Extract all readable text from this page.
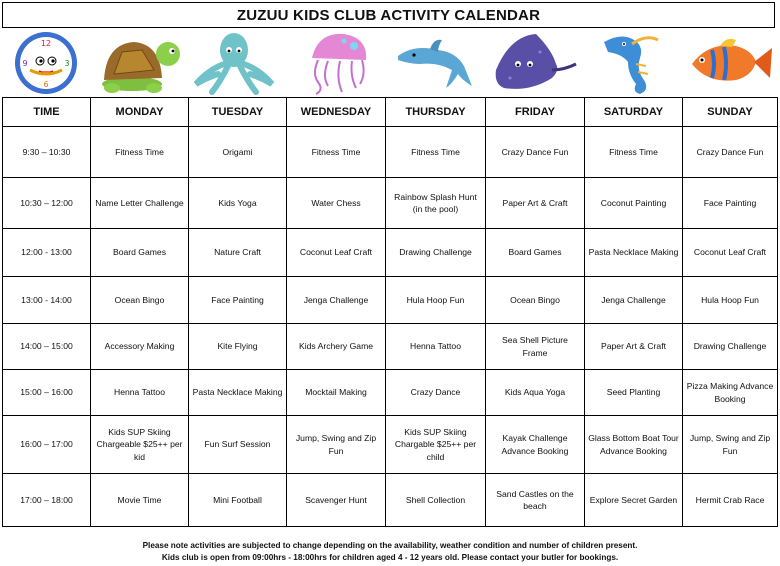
ZUZUU KIDS CLUB ACTIVITY CALENDAR
12
3
6
9
TIME	MONDAY	TUESDAY	WEDNESDAY	THURSDAY	FRIDAY	SATURDAY	SUNDAY
9:30 – 10:30	Fitness Time	Origami	Fitness Time	Fitness Time	Crazy Dance Fun	Fitness Time	Crazy Dance Fun
10:30 – 12:00	Name Letter Challenge	Kids Yoga	Water Chess	Rainbow Splash Hunt (in the pool)	Paper Art & Craft	Coconut Painting	Face Painting
12:00 - 13:00	Board Games	Nature Craft	Coconut Leaf Craft	Drawing Challenge	Board Games	Pasta Necklace Making	Coconut Leaf Craft
13:00 - 14:00	Ocean Bingo	Face Painting	Jenga Challenge	Hula Hoop Fun	Ocean Bingo	Jenga Challenge	Hula Hoop Fun
14:00 – 15:00	Accessory Making	Kite Flying	Kids Archery Game	Henna Tattoo	Sea Shell Picture Frame	Paper Art & Craft	Drawing Challenge
15:00 – 16:00	Henna Tattoo	Pasta Necklace Making	Mocktail Making	Crazy Dance	Kids Aqua Yoga	Seed Planting	Pizza Making Advance Booking
16:00 – 17:00	Kids SUP Skiing Chargeable $25++ per kid	Fun Surf Session	Jump, Swing and Zip Fun	Kids SUP Skiing Chargable $25++ per child	Kayak Challenge Advance Booking	Glass Bottom Boat Tour Advance Booking	Jump, Swing and Zip Fun
17:00 – 18:00	Movie Time	Mini Football	Scavenger Hunt	Shell Collection	Sand Castles on the beach	Explore Secret Garden	Hermit Crab Race
Please note activities are subjected to change depending on the availability, weather condition and number of children present.
Kids club is open from 09:00hrs - 18:00hrs for children aged 4 - 12 years old. Please contact your butler for bookings.
